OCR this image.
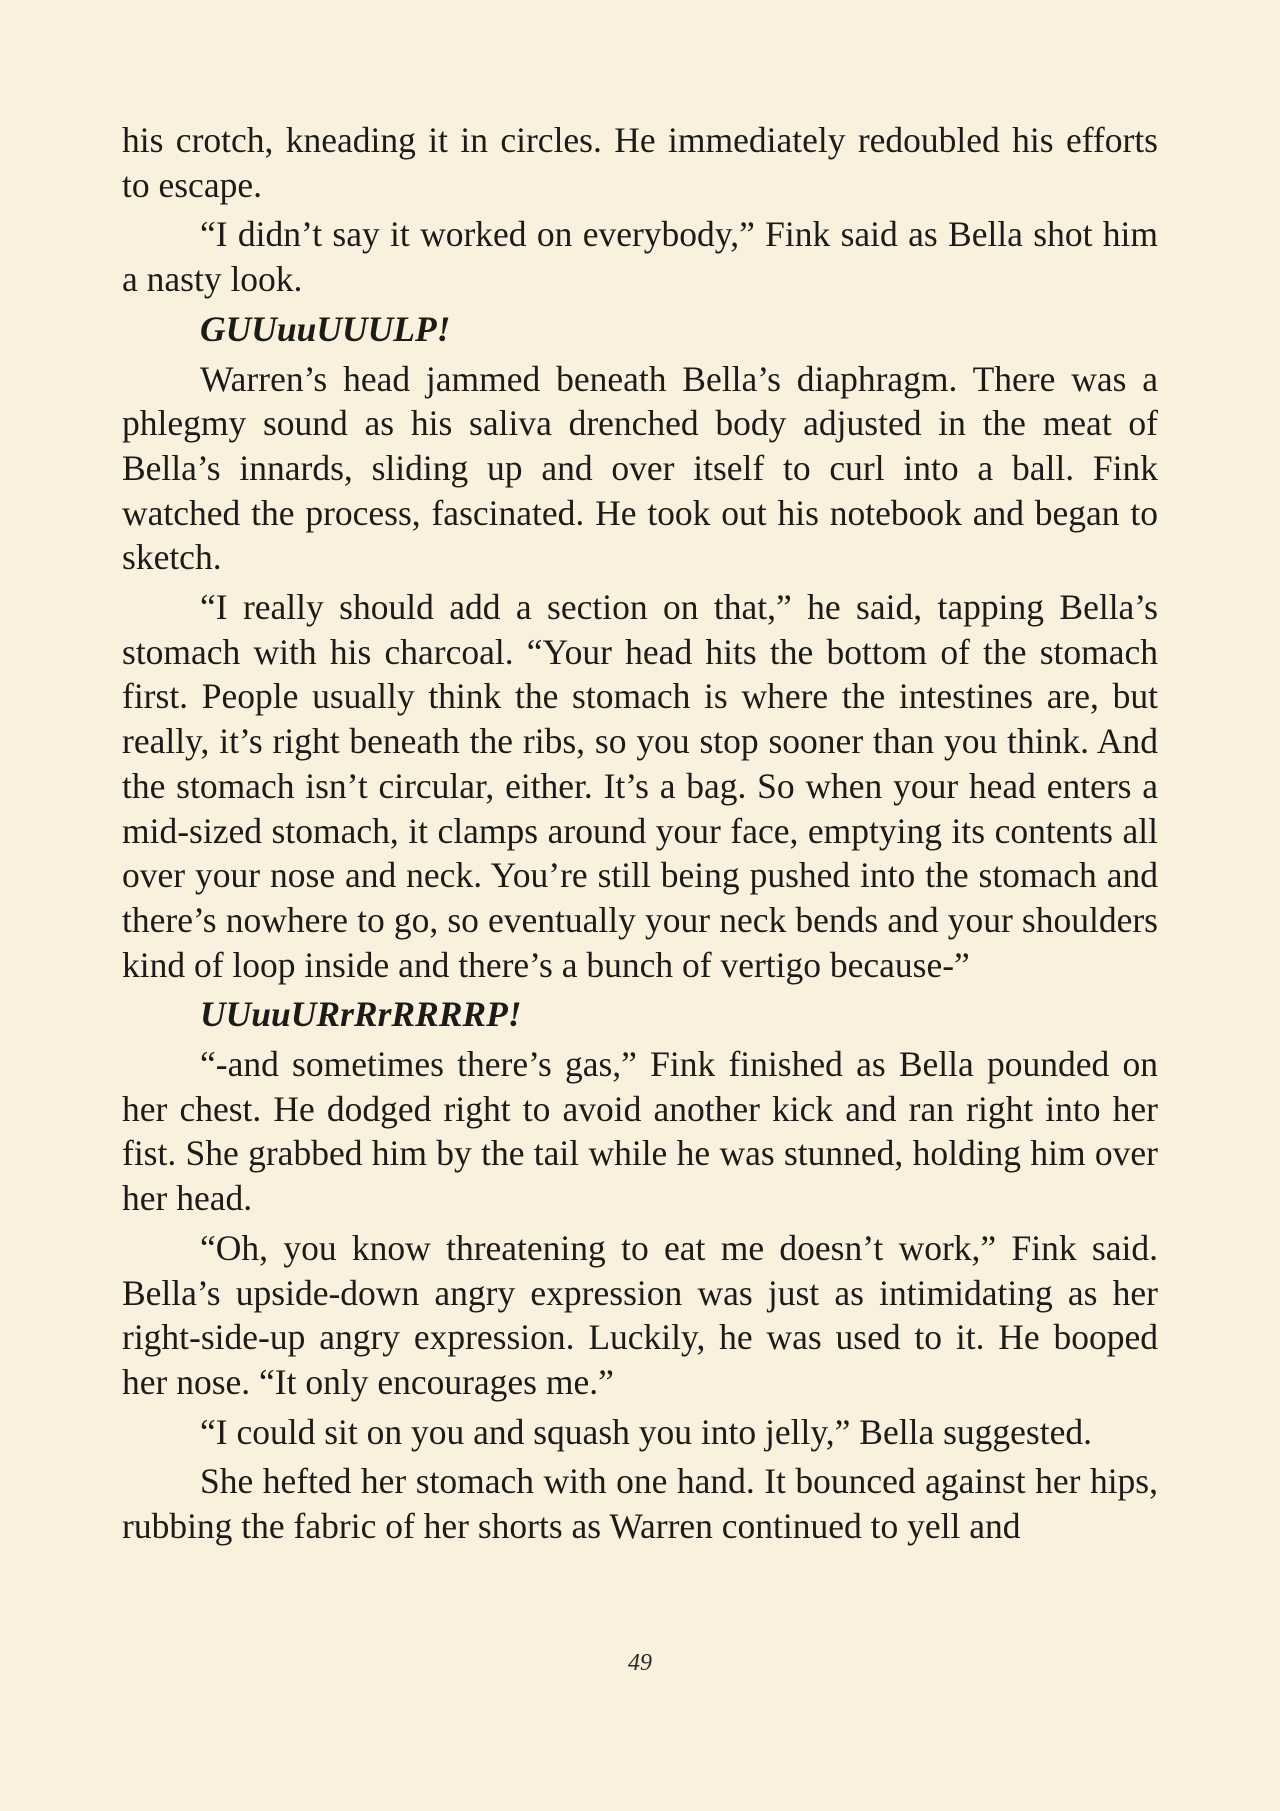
his crotch, kneading it in circles. He immediately redoubled his efforts to escape.

“I didn’t say it worked on everybody,” Fink said as Bella shot him a nasty look.

GUUuuUUULP!

Warren’s head jammed beneath Bella’s diaphragm. There was a phlegmy sound as his saliva drenched body adjusted in the meat of Bella’s innards, sliding up and over itself to curl into a ball. Fink watched the process, fascinated. He took out his notebook and began to sketch.

“I really should add a section on that,” he said, tapping Bella’s stomach with his charcoal. “Your head hits the bottom of the stomach first. People usually think the stomach is where the intestines are, but really, it’s right beneath the ribs, so you stop sooner than you think. And the stomach isn’t circular, either. It’s a bag. So when your head enters a mid-sized stomach, it clamps around your face, emptying its contents all over your nose and neck. You’re still being pushed into the stomach and there’s nowhere to go, so eventually your neck bends and your shoulders kind of loop inside and there’s a bunch of vertigo because-”

UUuuURrRrRRRRP!

“-and sometimes there’s gas,” Fink finished as Bella pounded on her chest. He dodged right to avoid another kick and ran right into her fist. She grabbed him by the tail while he was stunned, holding him over her head.

“Oh, you know threatening to eat me doesn’t work,” Fink said. Bella’s upside-down angry expression was just as intimidating as her right-side-up angry expression. Luckily, he was used to it. He booped her nose. “It only encourages me.”

“I could sit on you and squash you into jelly,” Bella suggested.

She hefted her stomach with one hand. It bounced against her hips, rubbing the fabric of her shorts as Warren continued to yell and

49
